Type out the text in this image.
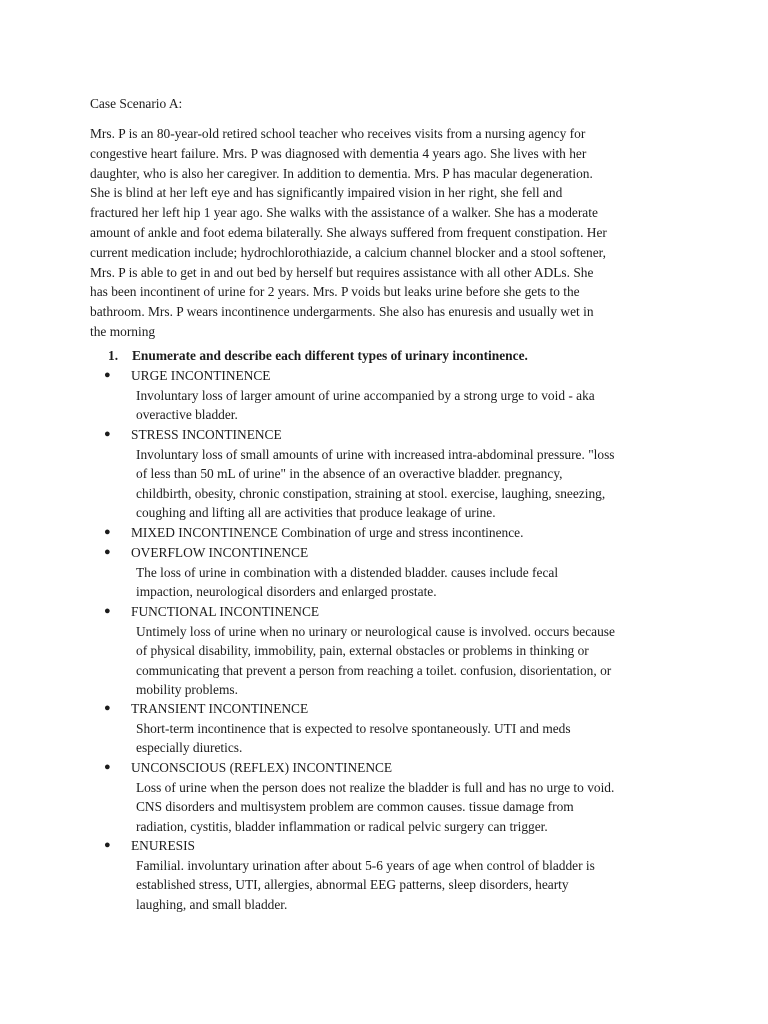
Case Scenario A:
Mrs. P is an 80-year-old retired school teacher who receives visits from a nursing agency for
congestive heart failure. Mrs. P was diagnosed with dementia 4 years ago. She lives with her
daughter, who is also her caregiver. In addition to dementia. Mrs. P has macular degeneration.
She is blind at her left eye and has significantly impaired vision in her right, she fell and
fractured her left hip 1 year ago. She walks with the assistance of a walker. She has a moderate
amount of ankle and foot edema bilaterally. She always suffered from frequent constipation. Her
current medication include; hydrochlorothiazide, a calcium channel blocker and a stool softener,
Mrs. P is able to get in and out bed by herself but requires assistance with all other ADLs. She
has been incontinent of urine for 2 years. Mrs. P voids but leaks urine before she gets to the
bathroom. Mrs. P wears incontinence undergarments. She also has enuresis and usually wet in
the morning
1. Enumerate and describe each different types of urinary incontinence.
● URGE INCONTINENCE
Involuntary loss of larger amount of urine accompanied by a strong urge to void - aka
overactive bladder.
● STRESS INCONTINENCE
Involuntary loss of small amounts of urine with increased intra-abdominal pressure. "loss
of less than 50 mL of urine" in the absence of an overactive bladder. pregnancy,
childbirth, obesity, chronic constipation, straining at stool. exercise, laughing, sneezing,
coughing and lifting all are activities that produce leakage of urine.
● MIXED INCONTINENCE Combination of urge and stress incontinence.
● OVERFLOW INCONTINENCE
The loss of urine in combination with a distended bladder. causes include fecal
impaction, neurological disorders and enlarged prostate.
● FUNCTIONAL INCONTINENCE
Untimely loss of urine when no urinary or neurological cause is involved. occurs because
of physical disability, immobility, pain, external obstacles or problems in thinking or
communicating that prevent a person from reaching a toilet. confusion, disorientation, or
mobility problems.
● TRANSIENT INCONTINENCE
Short-term incontinence that is expected to resolve spontaneously. UTI and meds
especially diuretics.
● UNCONSCIOUS (REFLEX) INCONTINENCE
Loss of urine when the person does not realize the bladder is full and has no urge to void.
CNS disorders and multisystem problem are common causes. tissue damage from
radiation, cystitis, bladder inflammation or radical pelvic surgery can trigger.
● ENURESIS
Familial. involuntary urination after about 5-6 years of age when control of bladder is
established stress, UTI, allergies, abnormal EEG patterns, sleep disorders, hearty
laughing, and small bladder.
